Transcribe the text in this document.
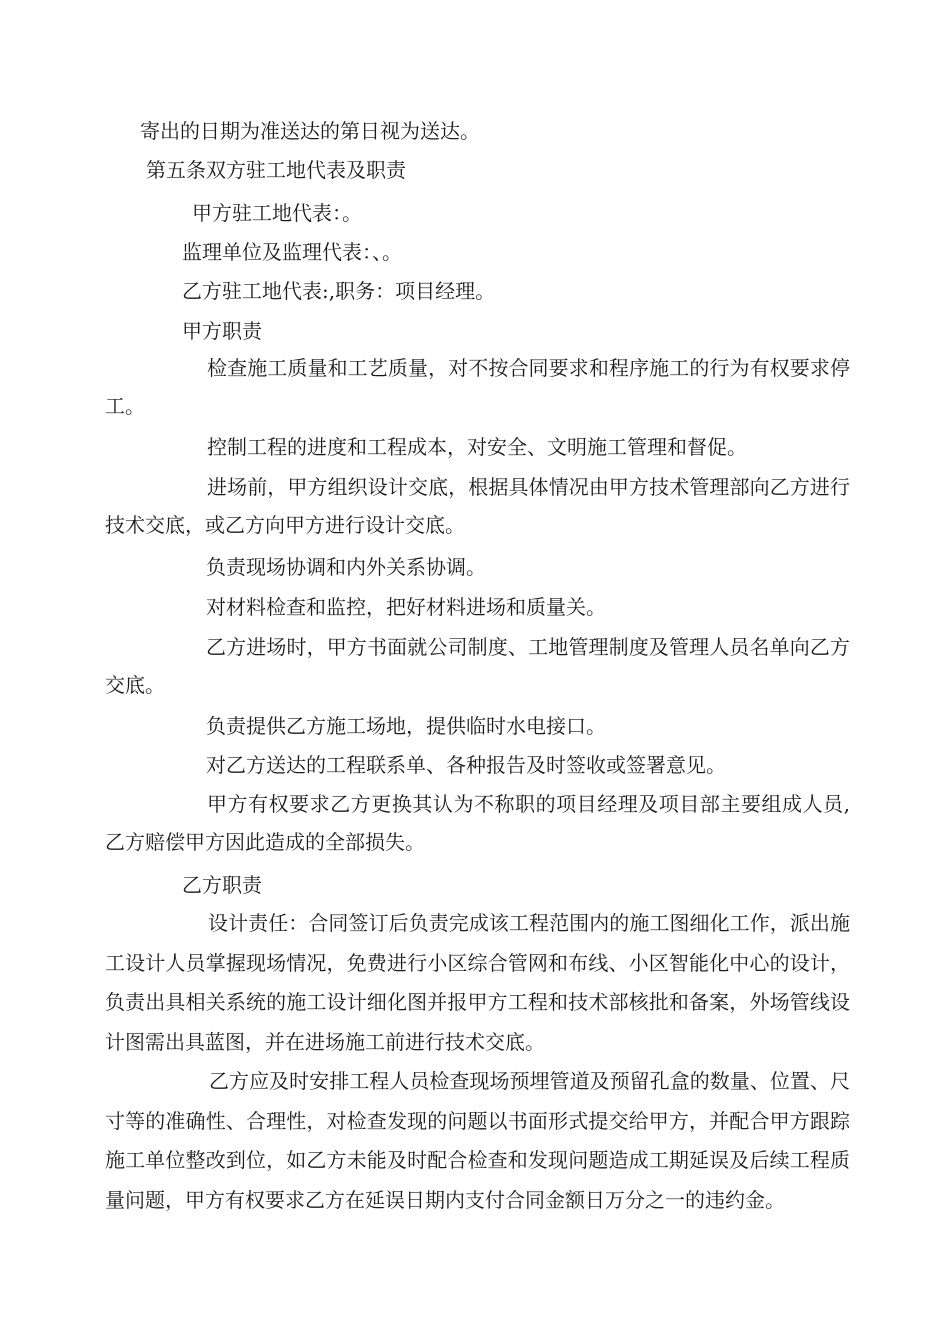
寄出的日期为准送达的第日视为送达。

第五条双方驻工地代表及职责

甲方驻工地代表：。

监理单位及监理代表：、。

乙方驻工地代表:,职务：项目经理。

甲方职责

检查施工质量和工艺质量，对不按合同要求和程序施工的行为有权要求停工。

控制工程的进度和工程成本，对安全、文明施工管理和督促。

进场前，甲方组织设计交底，根据具体情况由甲方技术管理部向乙方进行技术交底，或乙方向甲方进行设计交底。

负责现场协调和内外关系协调。

对材料检查和监控，把好材料进场和质量关。

乙方进场时，甲方书面就公司制度、工地管理制度及管理人员名单向乙方交底。

负责提供乙方施工场地，提供临时水电接口。

对乙方送达的工程联系单、各种报告及时签收或签署意见。

甲方有权要求乙方更换其认为不称职的项目经理及项目部主要组成人员,乙方赔偿甲方因此造成的全部损失。

乙方职责

设计责任：合同签订后负责完成该工程范围内的施工图细化工作，派出施工设计人员掌握现场情况，免费进行小区综合管网和布线、小区智能化中心的设计，负责出具相关系统的施工设计细化图并报甲方工程和技术部核批和备案，外场管线设计图需出具蓝图，并在进场施工前进行技术交底。

乙方应及时安排工程人员检查现场预埋管道及预留孔盒的数量、位置、尺寸等的准确性、合理性，对检查发现的问题以书面形式提交给甲方，并配合甲方跟踪施工单位整改到位，如乙方未能及时配合检查和发现问题造成工期延误及后续工程质量问题，甲方有权要求乙方在延误日期内支付合同金额日万分之一的违约金。
